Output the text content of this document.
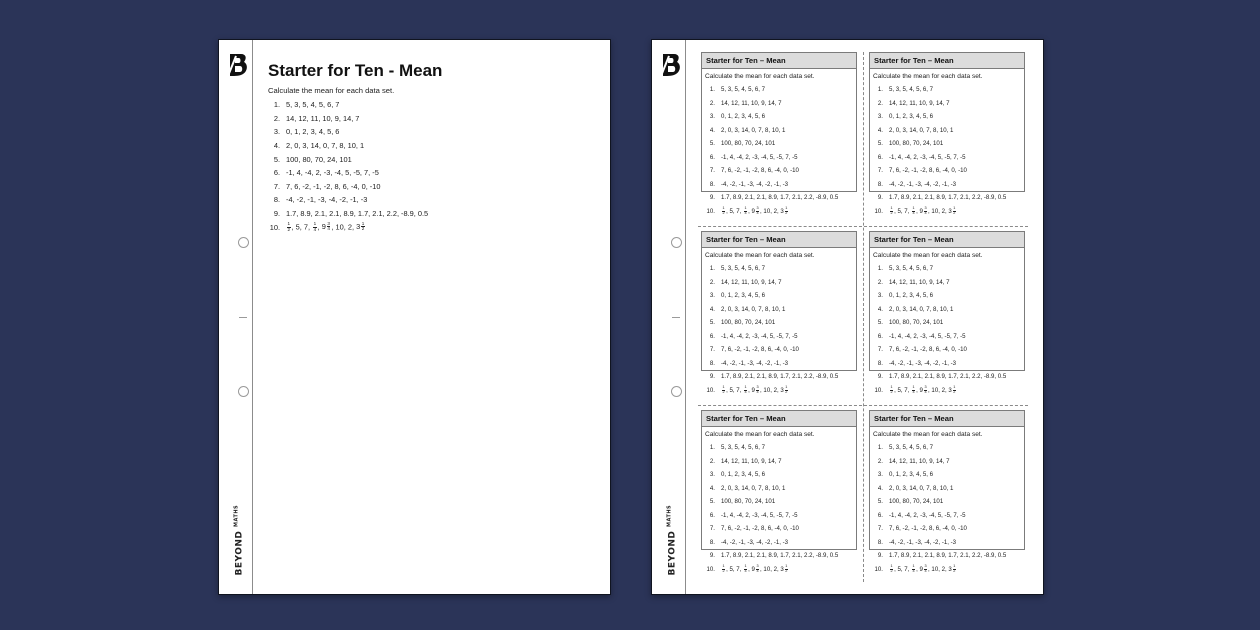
BEYOND $^{MATHS}$
Starter for Ten - Mean
Calculate the mean for each data set.
1. 5, 3, 5, 4, 5, 6, 7
2. 14, 12, 11, 10, 9, 14, 7
3. 0, 1, 2, 3, 4, 5, 6
4. 2, 0, 3, 14, 0, 7, 8, 10, 1
5. 100, 80, 70, 24, 101
6. -1, 4, -4, 2, -3, -4, 5, -5, 7, -5
7. 7, 6, -2, -1, -2, 8, 6, -4, 0, -10
8. -4, -2, -1, -3, -4, -2, -1, -3
9. 1.7, 8.9, 2.1, 2.1, 8.9, 1.7, 2.1, 2.2, -8.9, 0.5
10. $\frac{1}{2}$ , 5, 7, $\frac{1}{4}$ , $9 \frac{3}{4}$ , 10, 2, $3 \frac{1}{2}$
BEYOND $^{MATHS}$
Starter for Ten – Mean
Calculate the mean for each data set.
1. 5, 3, 5, 4, 5, 6, 7
2. 14, 12, 11, 10, 9, 14, 7
3. 0, 1, 2, 3, 4, 5, 6
4. 2, 0, 3, 14, 0, 7, 8, 10, 1
5. 100, 80, 70, 24, 101
6. -1, 4, -4, 2, -3, -4, 5, -5, 7, -5
7. 7, 6, -2, -1, -2, 8, 6, -4, 0, -10
8. -4, -2, -1, -3, -4, -2, -1, -3
9. 1.7, 8.9, 2.1, 2.1, 8.9, 1.7, 2.1, 2.2, -8.9, 0.5
10. $\frac{1}{2}$ , 5, 7, $\frac{1}{4}$ , $9 \frac{3}{4}$ , 10, 2, $3 \frac{1}{2}$
Starter for Ten – Mean
Calculate the mean for each data set.
1. 5, 3, 5, 4, 5, 6, 7
2. 14, 12, 11, 10, 9, 14, 7
3. 0, 1, 2, 3, 4, 5, 6
4. 2, 0, 3, 14, 0, 7, 8, 10, 1
5. 100, 80, 70, 24, 101
6. -1, 4, -4, 2, -3, -4, 5, -5, 7, -5
7. 7, 6, -2, -1, -2, 8, 6, -4, 0, -10
8. -4, -2, -1, -3, -4, -2, -1, -3
9. 1.7, 8.9, 2.1, 2.1, 8.9, 1.7, 2.1, 2.2, -8.9, 0.5
10. $\frac{1}{2}$ , 5, 7, $\frac{1}{4}$ , $9 \frac{3}{4}$ , 10, 2, $3 \frac{1}{2}$
Starter for Ten – Mean
Calculate the mean for each data set.
1. 5, 3, 5, 4, 5, 6, 7
2. 14, 12, 11, 10, 9, 14, 7
3. 0, 1, 2, 3, 4, 5, 6
4. 2, 0, 3, 14, 0, 7, 8, 10, 1
5. 100, 80, 70, 24, 101
6. -1, 4, -4, 2, -3, -4, 5, -5, 7, -5
7. 7, 6, -2, -1, -2, 8, 6, -4, 0, -10
8. -4, -2, -1, -3, -4, -2, -1, -3
9. 1.7, 8.9, 2.1, 2.1, 8.9, 1.7, 2.1, 2.2, -8.9, 0.5
10. $\frac{1}{2}$ , 5, 7, $\frac{1}{4}$ , $9 \frac{3}{4}$ , 10, 2, $3 \frac{1}{2}$
Starter for Ten – Mean
Calculate the mean for each data set.
1. 5, 3, 5, 4, 5, 6, 7
2. 14, 12, 11, 10, 9, 14, 7
3. 0, 1, 2, 3, 4, 5, 6
4. 2, 0, 3, 14, 0, 7, 8, 10, 1
5. 100, 80, 70, 24, 101
6. -1, 4, -4, 2, -3, -4, 5, -5, 7, -5
7. 7, 6, -2, -1, -2, 8, 6, -4, 0, -10
8. -4, -2, -1, -3, -4, -2, -1, -3
9. 1.7, 8.9, 2.1, 2.1, 8.9, 1.7, 2.1, 2.2, -8.9, 0.5
10. $\frac{1}{2}$ , 5, 7, $\frac{1}{4}$ , $9 \frac{3}{4}$ , 10, 2, $3 \frac{1}{2}$
Starter for Ten – Mean
Calculate the mean for each data set.
1. 5, 3, 5, 4, 5, 6, 7
2. 14, 12, 11, 10, 9, 14, 7
3. 0, 1, 2, 3, 4, 5, 6
4. 2, 0, 3, 14, 0, 7, 8, 10, 1
5. 100, 80, 70, 24, 101
6. -1, 4, -4, 2, -3, -4, 5, -5, 7, -5
7. 7, 6, -2, -1, -2, 8, 6, -4, 0, -10
8. -4, -2, -1, -3, -4, -2, -1, -3
9. 1.7, 8.9, 2.1, 2.1, 8.9, 1.7, 2.1, 2.2, -8.9, 0.5
10. $\frac{1}{2}$ , 5, 7, $\frac{1}{4}$ , $9 \frac{3}{4}$ , 10, 2, $3 \frac{1}{2}$
Starter for Ten – Mean
Calculate the mean for each data set.
1. 5, 3, 5, 4, 5, 6, 7
2. 14, 12, 11, 10, 9, 14, 7
3. 0, 1, 2, 3, 4, 5, 6
4. 2, 0, 3, 14, 0, 7, 8, 10, 1
5. 100, 80, 70, 24, 101
6. -1, 4, -4, 2, -3, -4, 5, -5, 7, -5
7. 7, 6, -2, -1, -2, 8, 6, -4, 0, -10
8. -4, -2, -1, -3, -4, -2, -1, -3
9. 1.7, 8.9, 2.1, 2.1, 8.9, 1.7, 2.1, 2.2, -8.9, 0.5
10. $\frac{1}{2}$ , 5, 7, $\frac{1}{4}$ , $9 \frac{3}{4}$ , 10, 2, $3 \frac{1}{2}$
